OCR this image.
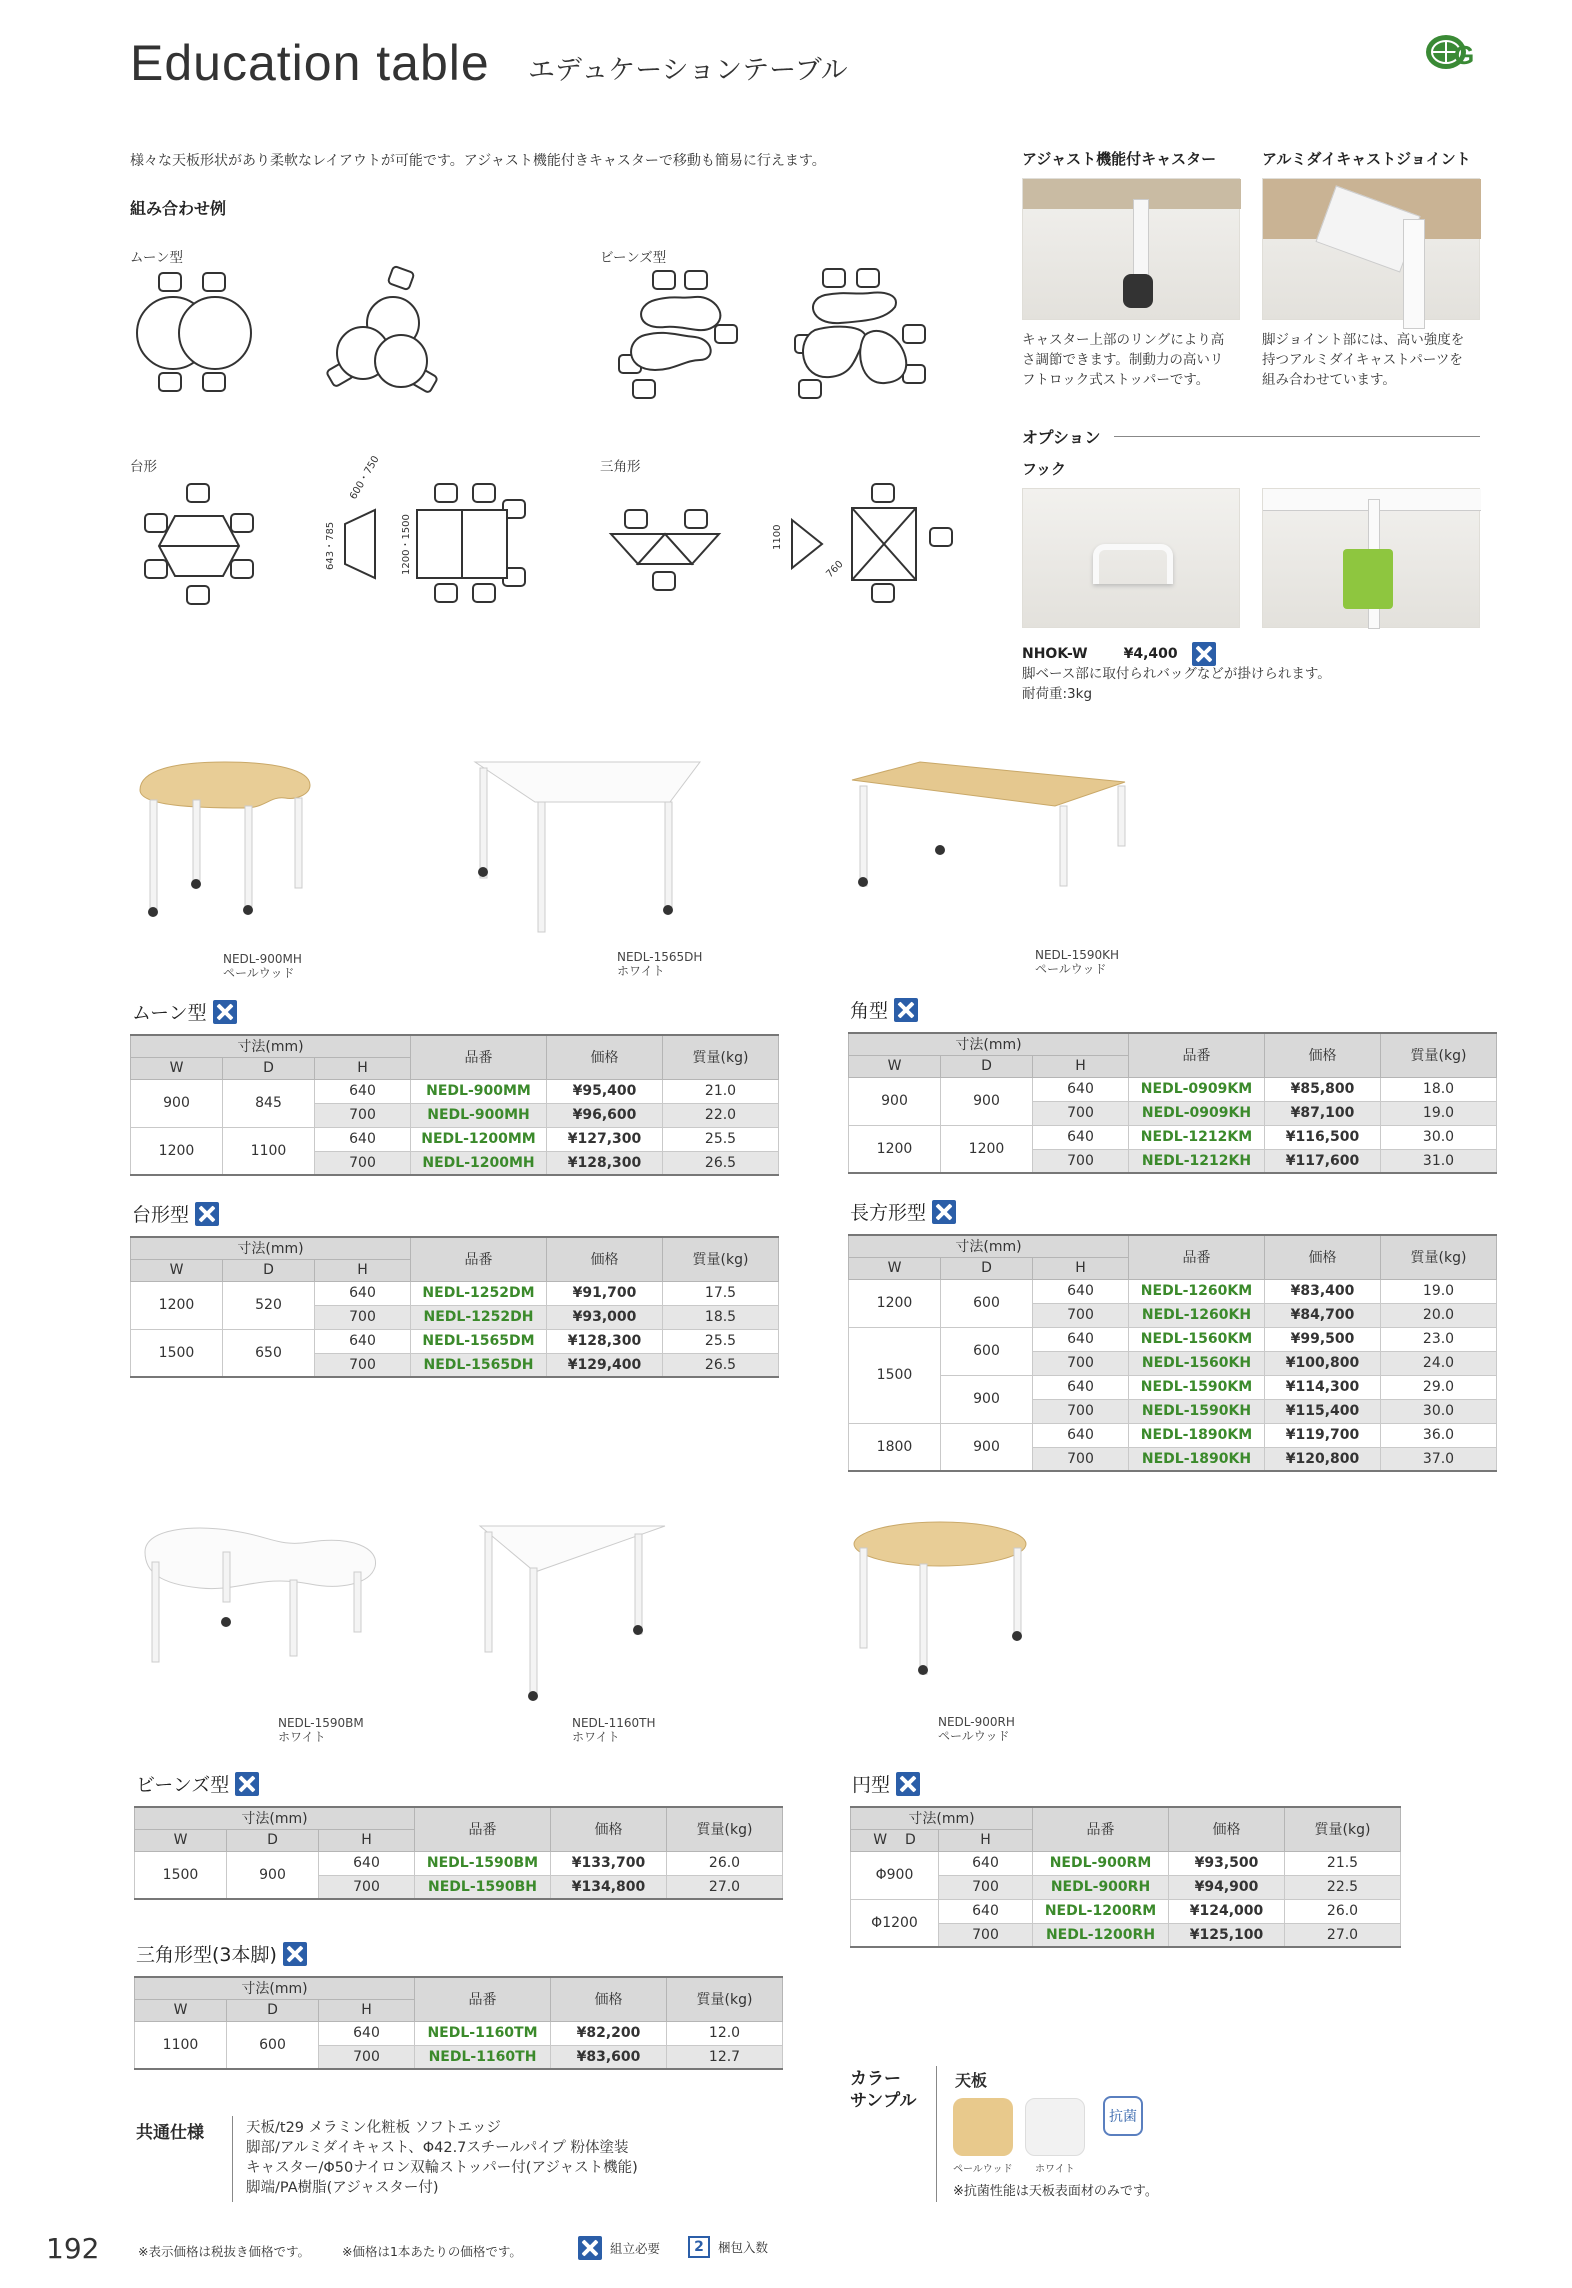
Education table エデュケーションテーブル	G
様々な天板形状があり柔軟なレイアウトが可能です。アジャスト機能付きキャスターで移動も簡易に行えます。
組み合わせ例
ムーン型	ビーンズ型
台形	三角形
600・750
643・785	1200・1500	1100
760
アジャスト機能付キャスター	アルミダイキャストジョイント
キャスター上部のリングにより高
さ調節できます。制動力の高いリ
フトロック式ストッパーです。
脚ジョイント部には、高い強度を
持つアルミダイキャストパーツを
組み合わせています。
オプション
フック
NHOK-W	¥4,400
脚ベース部に取付られバッグなどが掛けられます。
耐荷重:3kg
NEDL-900MH
ペールウッド
NEDL-1565DH
ホワイト
NEDL-1590KH
ペールウッド
ムーン型
寸法(mm)			品番	価格	質量(kg)
W	D	H			
900	845	640	NEDL-900MM	¥95,400	21.0
		700	NEDL-900MH	¥96,600	22.0
1200	1100	640	NEDL-1200MM	¥127,300	25.5
		700	NEDL-1200MH	¥128,300	26.5
角型
寸法(mm)			品番	価格	質量(kg)
W	D	H			
900	900	640	NEDL-0909KM	¥85,800	18.0
		700	NEDL-0909KH	¥87,100	19.0
1200	1200	640	NEDL-1212KM	¥116,500	30.0
		700	NEDL-1212KH	¥117,600	31.0
台形型
寸法(mm)			品番	価格	質量(kg)
W	D	H			
1200	520	640	NEDL-1252DM	¥91,700	17.5
		700	NEDL-1252DH	¥93,000	18.5
1500	650	640	NEDL-1565DM	¥128,300	25.5
		700	NEDL-1565DH	¥129,400	26.5
長方形型
寸法(mm)			品番	価格	質量(kg)
W	D	H			
1200	600	640	NEDL-1260KM	¥83,400	19.0
		700	NEDL-1260KH	¥84,700	20.0
1500	600	640	NEDL-1560KM	¥99,500	23.0
		700	NEDL-1560KH	¥100,800	24.0
	900	640	NEDL-1590KM	¥114,300	29.0
		700	NEDL-1590KH	¥115,400	30.0
1800	900	640	NEDL-1890KM	¥119,700	36.0
		700	NEDL-1890KH	¥120,800	37.0
ビーンズ型
寸法(mm)			品番	価格	質量(kg)
W	D	H			
1500	900	640	NEDL-1590BM	¥133,700	26.0
		700	NEDL-1590BH	¥134,800	27.0
円型
寸法(mm)		品番	価格	質量(kg)
W D	H			
Φ900	640	NEDL-900RM	¥93,500	21.5
	700	NEDL-900RH	¥94,900	22.5
Φ1200	640	NEDL-1200RM	¥124,000	26.0
	700	NEDL-1200RH	¥125,100	27.0
三角形型(3本脚)
寸法(mm)			品番	価格	質量(kg)
W	D	H			
1100	600	640	NEDL-1160TM	¥82,200	12.0
		700	NEDL-1160TH	¥83,600	12.7
NEDL-1590BM
ホワイト
NEDL-1160TH
ホワイト
NEDL-900RH
ペールウッド
共通仕様	天板/t29 メラミン化粧板 ソフトエッジ
脚部/アルミダイキャスト、Φ42.7スチールパイプ 粉体塗装
キャスター/Φ50ナイロン双輪ストッパー付(アジャスト機能)
脚端/PA樹脂(アジャスター付)
カラー
サンプル
天板
ペールウッド ホワイト
抗菌
※抗菌性能は天板表面材のみです。
192	※表示価格は税抜き価格です。	※価格は1本あたりの価格です。	組立必要	2	梱包入数
